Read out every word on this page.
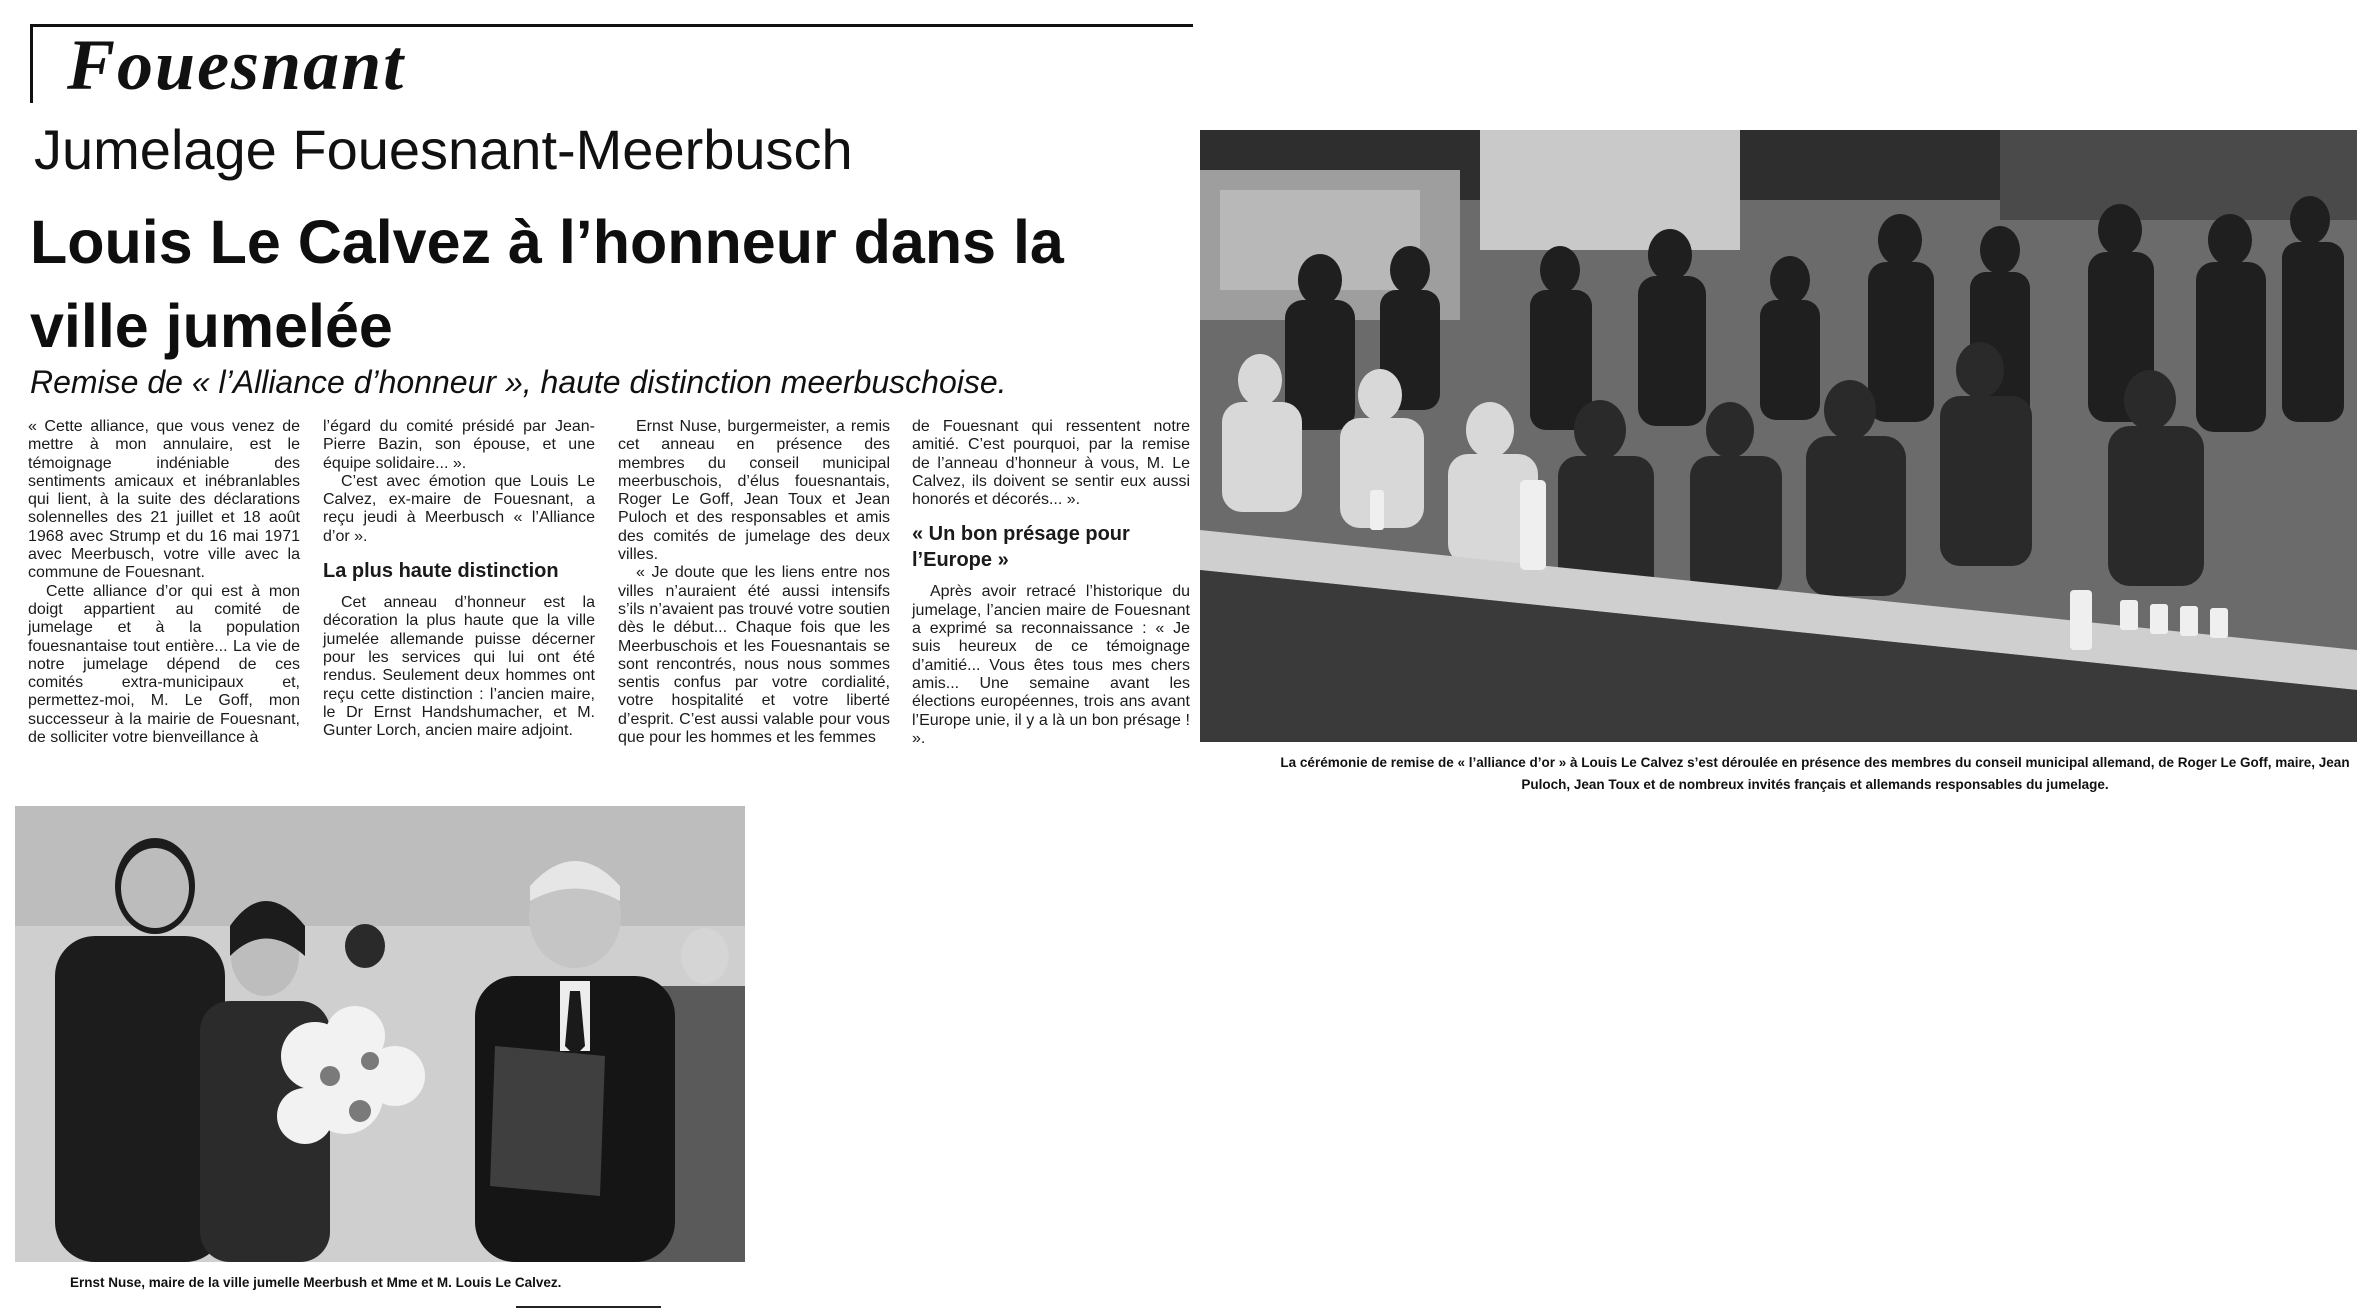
Fouesnant
Jumelage Fouesnant-Meerbusch
Louis Le Calvez à l’honneur dans la ville jumelée
Remise de « l’Alliance d’honneur », haute distinction meerbuschoise.

« Cette alliance, que vous venez de mettre à mon annulaire, est le témoignage indéniable des sentiments amicaux et inébranlables qui lient, à la suite des déclarations solennelles des 21 juillet et 18 août 1968 avec Strump et du 16 mai 1971 avec Meerbusch, votre ville avec la commune de Fouesnant.

Cette alliance d’or qui est à mon doigt appartient au comité de jumelage et à la population fouesnantaise tout entière... La vie de notre jumelage dépend de ces comités extra-municipaux et, permettez-moi, M. Le Goff, mon successeur à la mairie de Fouesnant, de solliciter votre bienveillance à

l’égard du comité présidé par Jean-Pierre Bazin, son épouse, et une équipe solidaire... ».

C’est avec émotion que Louis Le Calvez, ex-maire de Fouesnant, a reçu jeudi à Meerbusch « l’Alliance d’or ».

La plus haute distinction

Cet anneau d’honneur est la décoration la plus haute que la ville jumelée allemande puisse décerner pour les services qui lui ont été rendus. Seulement deux hommes ont reçu cette distinction : l’ancien maire, le Dr Ernst Handshumacher, et M. Gunter Lorch, ancien maire adjoint.

Ernst Nuse, burgermeister, a remis cet anneau en présence des membres du conseil municipal meerbuschois, d’élus fouesnantais, Roger Le Goff, Jean Toux et Jean Puloch et des responsables et amis des comités de jumelage des deux villes.

« Je doute que les liens entre nos villes n’auraient été aussi intensifs s’ils n’avaient pas trouvé votre soutien dès le début... Chaque fois que les Meerbuschois et les Fouesnantais se sont rencontrés, nous nous sommes sentis confus par votre cordialité, votre hospitalité et votre liberté d’esprit. C’est aussi valable pour vous que pour les hommes et les femmes

de Fouesnant qui ressentent notre amitié. C’est pourquoi, par la remise de l’anneau d’honneur à vous, M. Le Calvez, ils doivent se sentir eux aussi honorés et décorés... ».

« Un bon présage pour l’Europe »

Après avoir retracé l’historique du jumelage, l’ancien maire de Fouesnant a exprimé sa reconnaissance : « Je suis heureux de ce témoignage d’amitié... Vous êtes tous mes chers amis... Une semaine avant les élections européennes, trois ans avant l’Europe unie, il y a là un bon présage ! ».

La cérémonie de remise de « l’alliance d’or » à Louis Le Calvez s’est déroulée en présence des membres du conseil municipal allemand, de Roger Le Goff, maire, Jean Puloch, Jean Toux et de nombreux invités français et allemands responsables du jumelage.
Ernst Nuse, maire de la ville jumelle Meerbush et Mme et M. Louis Le Calvez.
